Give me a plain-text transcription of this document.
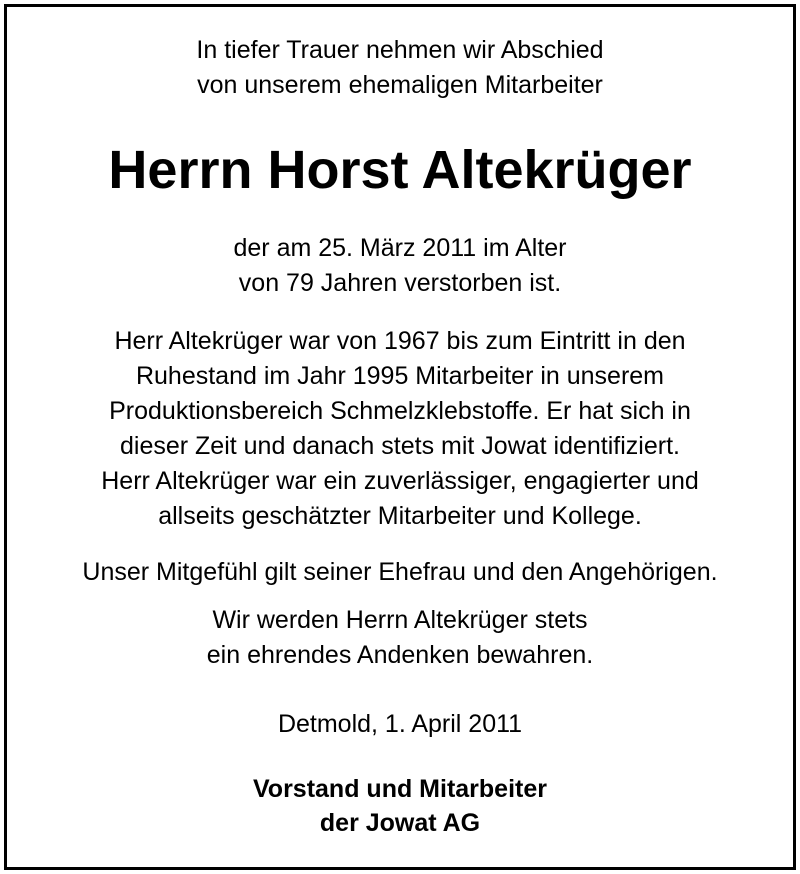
In tiefer Trauer nehmen wir Abschied
von unserem ehemaligen Mitarbeiter
Herrn Horst Altekrüger
der am 25. März 2011 im Alter
von 79 Jahren verstorben ist.
Herr Altekrüger war von 1967 bis zum Eintritt in den
Ruhestand im Jahr 1995 Mitarbeiter in unserem
Produktionsbereich Schmelzklebstoffe. Er hat sich in
dieser Zeit und danach stets mit Jowat identifiziert.
Herr Altekrüger war ein zuverlässiger, engagierter und
allseits geschätzter Mitarbeiter und Kollege.
Unser Mitgefühl gilt seiner Ehefrau und den Angehörigen.
Wir werden Herrn Altekrüger stets
ein ehrendes Andenken bewahren.
Detmold, 1. April 2011
Vorstand und Mitarbeiter
der Jowat AG
